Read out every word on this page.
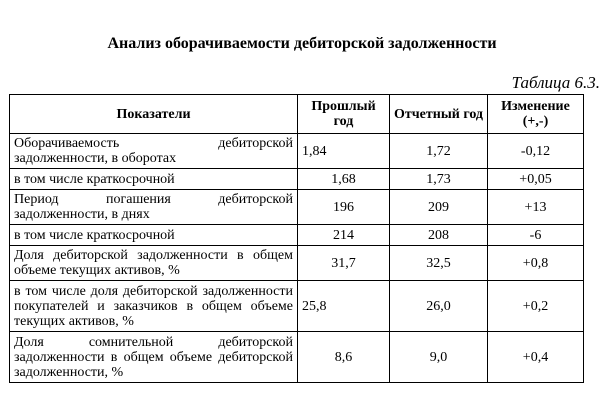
Анализ оборачиваемости дебиторской задолженности
Таблица 6.3.
Показатели	Прошлый год	Отчетный год	Изменение (+,-)
Оборачиваемость дебиторской задолженности, в оборотах	1,84	1,72	-0,12
в том числе краткосрочной	1,68	1,73	+0,05
Период погашения дебиторской задолженности, в днях	196	209	+13
в том числе краткосрочной	214	208	-6
Доля дебиторской задолженности в общем объеме текущих активов, %	31,7	32,5	+0,8
в том числе доля дебиторской задолженности покупателей и заказчиков в общем объеме текущих активов, %	25,8	26,0	+0,2
Доля сомнительной дебиторской задолженности в общем объеме дебиторской задолженности, %	8,6	9,0	+0,4
